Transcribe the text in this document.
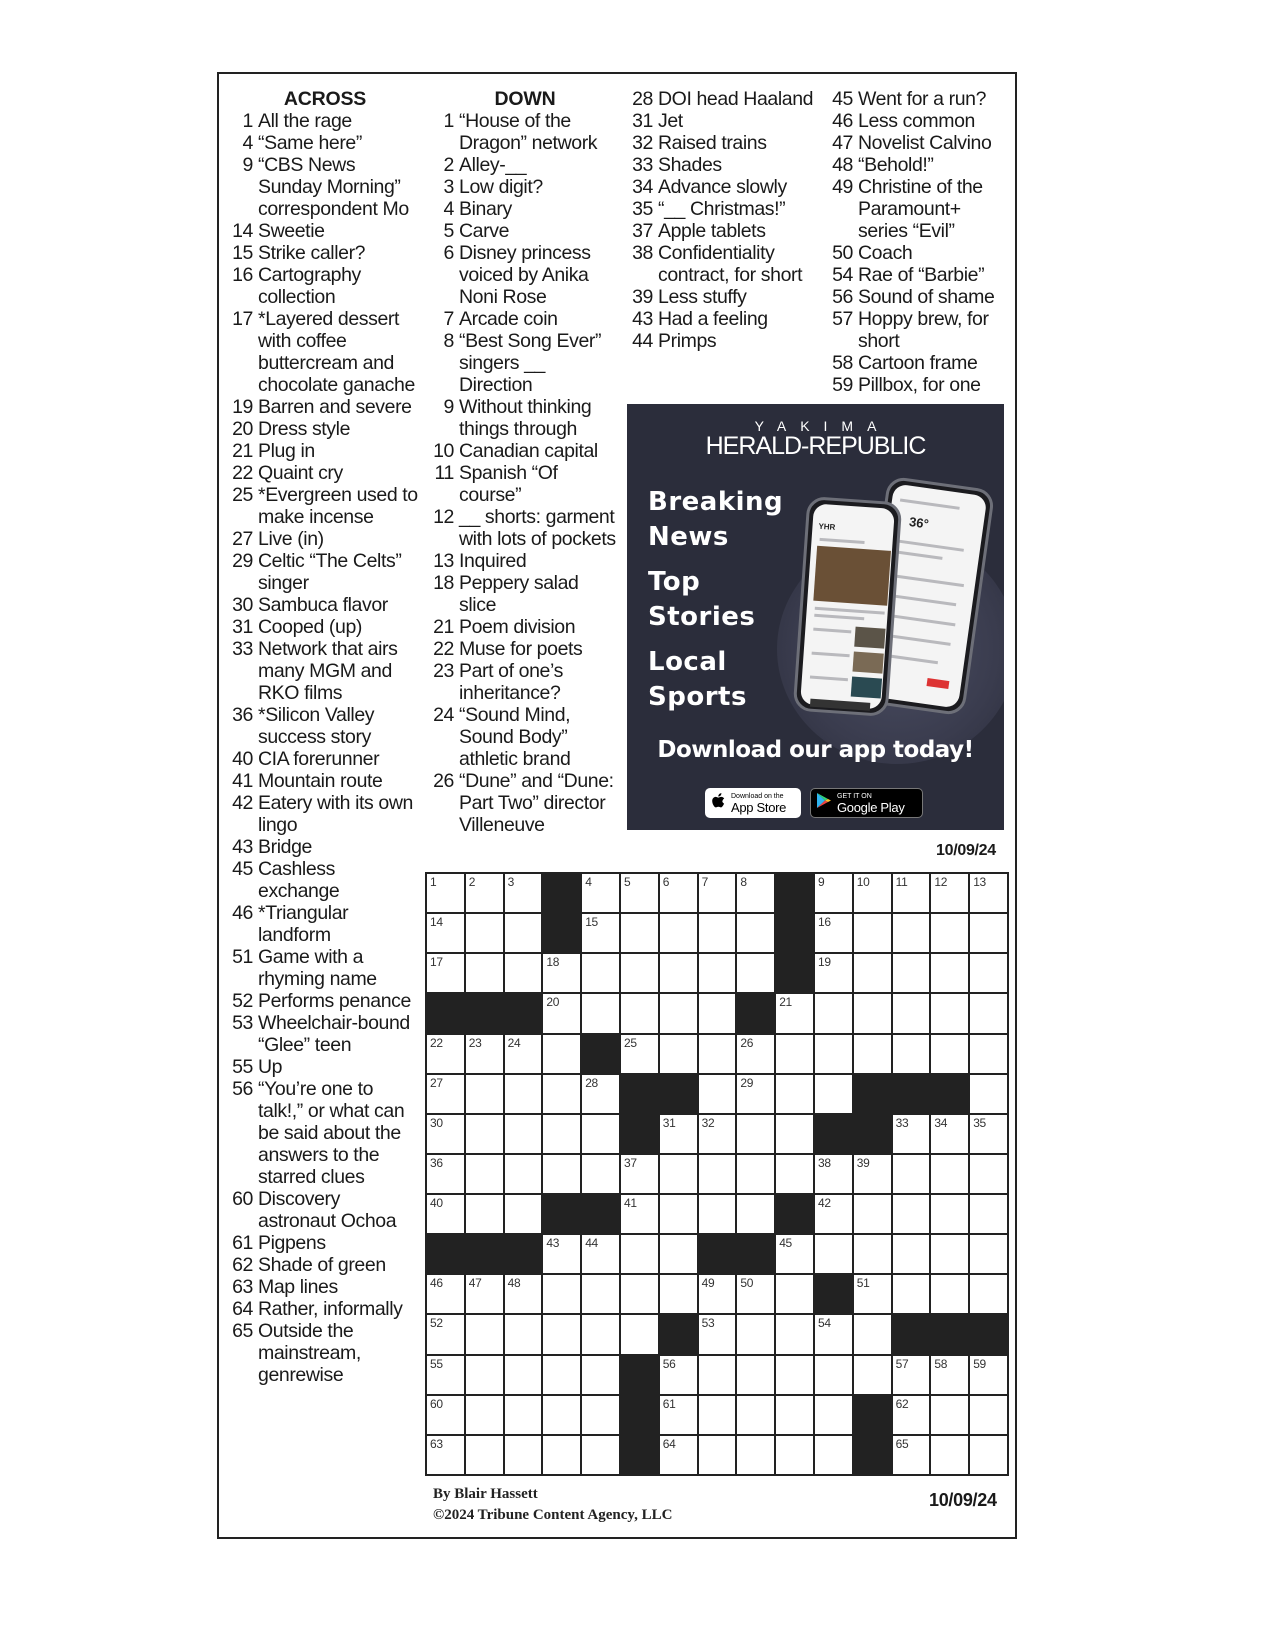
ACROSS
1 All the rage
4 “Same here”
9 “CBS News Sunday Morning” correspondent Mo
14 Sweetie
15 Strike caller?
16 Cartography collection
17 *Layered dessert with coffee buttercream and chocolate ganache
19 Barren and severe
20 Dress style
21 Plug in
22 Quaint cry
25 *Evergreen used to make incense
27 Live (in)
29 Celtic “The Celts” singer
30 Sambuca flavor
31 Cooped (up)
33 Network that airs many MGM and RKO films
36 *Silicon Valley success story
40 CIA forerunner
41 Mountain route
42 Eatery with its own lingo
43 Bridge
45 Cashless exchange
46 *Triangular landform
51 Game with a rhyming name
52 Performs penance
53 Wheelchair-bound “Glee” teen
55 Up
56 “You’re one to talk!,” or what can be said about the answers to the starred clues
60 Discovery astronaut Ochoa
61 Pigpens
62 Shade of green
63 Map lines
64 Rather, informally
65 Outside the mainstream, genrewise
DOWN
1 “House of the Dragon” network
2 Alley-__
3 Low digit?
4 Binary
5 Carve
6 Disney princess voiced by Anika Noni Rose
7 Arcade coin
8 “Best Song Ever” singers __ Direction
9 Without thinking things through
10 Canadian capital
11 Spanish “Of course”
12 __ shorts: garment with lots of pockets
13 Inquired
18 Peppery salad slice
21 Poem division
22 Muse for poets
23 Part of one’s inheritance?
24 “Sound Mind, Sound Body” athletic brand
26 “Dune” and “Dune: Part Two” director Villeneuve
28 DOI head Haaland
31 Jet
32 Raised trains
33 Shades
34 Advance slowly
35 “__ Christmas!”
37 Apple tablets
38 Confidentiality contract, for short
39 Less stuffy
43 Had a feeling
44 Primps
45 Went for a run?
46 Less common
47 Novelist Calvino
48 “Behold!”
49 Christine of the Paramount+ series “Evil”
50 Coach
54 Rae of “Barbie”
56 Sound of shame
57 Hoppy brew, for short
58 Cartoon frame
59 Pillbox, for one
YAKIMA
HERALD-REPUBLIC
Breaking
News
Top
Stories
Local
Sports
36°
YHR
Download our app today!
Download on the
App Store
GET IT ON
Google Play
10/09/24
1	2	3	4	5	6	7	8	9	10 11 12 13
14	15	16
17	18	19
20	21
22 23 24	25	26
27	28	29
30	31 32	33 34 35
36	37	38 39
40	41	42
43 44	45
46 47 48	49 50	51
52	53	54
55	56	57 58 59
60	61	62
63	64	65
By Blair Hassett
©2024 Tribune Content Agency, LLC
10/09/24
